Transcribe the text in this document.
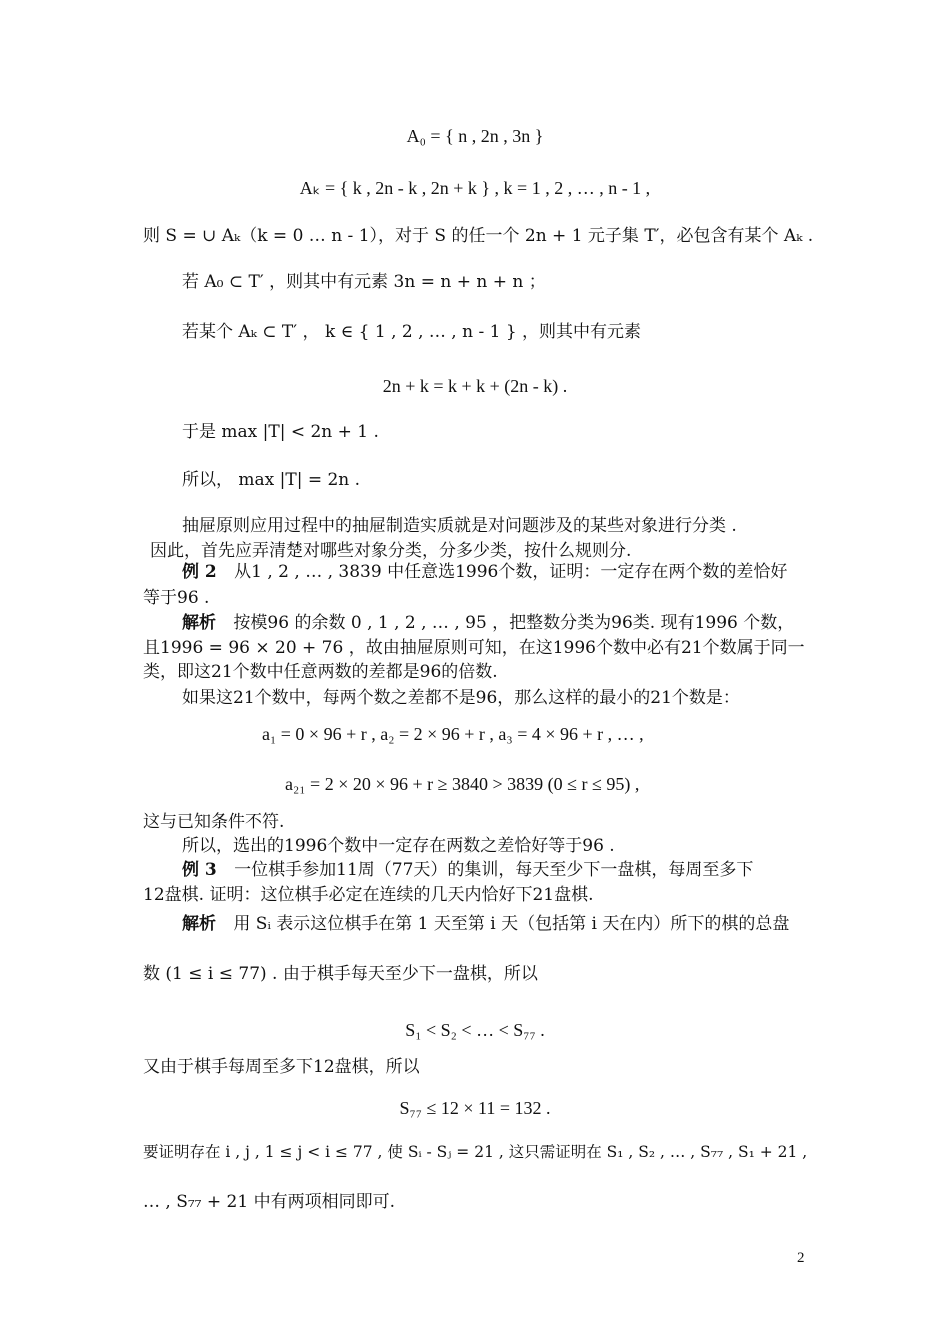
A₀ = { n , 2n , 3n }
Aₖ = { k , 2n - k , 2n + k } , k = 1 , 2 , … , n - 1 ,
则 S = ∪ Aₖ（k = 0 … n - 1），对于 S 的任一个 2n + 1 元子集 T′，必包含有某个 Aₖ .
若 A₀ ⊂ T′ ，则其中有元素 3n = n + n + n ；
若某个 Aₖ ⊂ T′ ， k ∈ { 1 , 2 , … , n - 1 } ，则其中有元素
2n + k = k + k + (2n - k) .
于是 max |T| < 2n + 1 .
所以， max |T| = 2n .
抽屉原则应用过程中的抽屉制造实质就是对问题涉及的某些对象进行分类 .
因此，首先应弄清楚对哪些对象分类，分多少类，按什么规则分.
例 2 从1 , 2 , … , 3839 中任意选1996个数，证明：一定存在两个数的差恰好
等于96 .
解析 按模96 的余数 0 , 1 , 2 , … , 95 ，把整数分类为96类. 现有1996 个数，
且1996 = 96 × 20 + 76 ，故由抽屉原则可知，在这1996个数中必有21个数属于同一
类，即这21个数中任意两数的差都是96的倍数.
如果这21个数中，每两个数之差都不是96，那么这样的最小的21个数是：
a₁ = 0 × 96 + r , a₂ = 2 × 96 + r , a₃ = 4 × 96 + r , … ,
a₂₁ = 2 × 20 × 96 + r ≥ 3840 > 3839 (0 ≤ r ≤ 95) ,
这与已知条件不符.
所以，选出的1996个数中一定存在两数之差恰好等于96 .
例 3 一位棋手参加11周（77天）的集训，每天至少下一盘棋，每周至多下
12盘棋. 证明：这位棋手必定在连续的几天内恰好下21盘棋.
解析 用 Sᵢ 表示这位棋手在第 1 天至第 i 天（包括第 i 天在内）所下的棋的总盘
数 (1 ≤ i ≤ 77) . 由于棋手每天至少下一盘棋，所以
S₁ < S₂ < … < S₇₇ .
又由于棋手每周至多下12盘棋，所以
S₇₇ ≤ 12 × 11 = 132 .
要证明存在 i , j , 1 ≤ j < i ≤ 77 , 使 Sᵢ - Sⱼ = 21 , 这只需证明在 S₁ , S₂ , … , S₇₇ , S₁ + 21 ,
… , S₇₇ + 21 中有两项相同即可.
2
